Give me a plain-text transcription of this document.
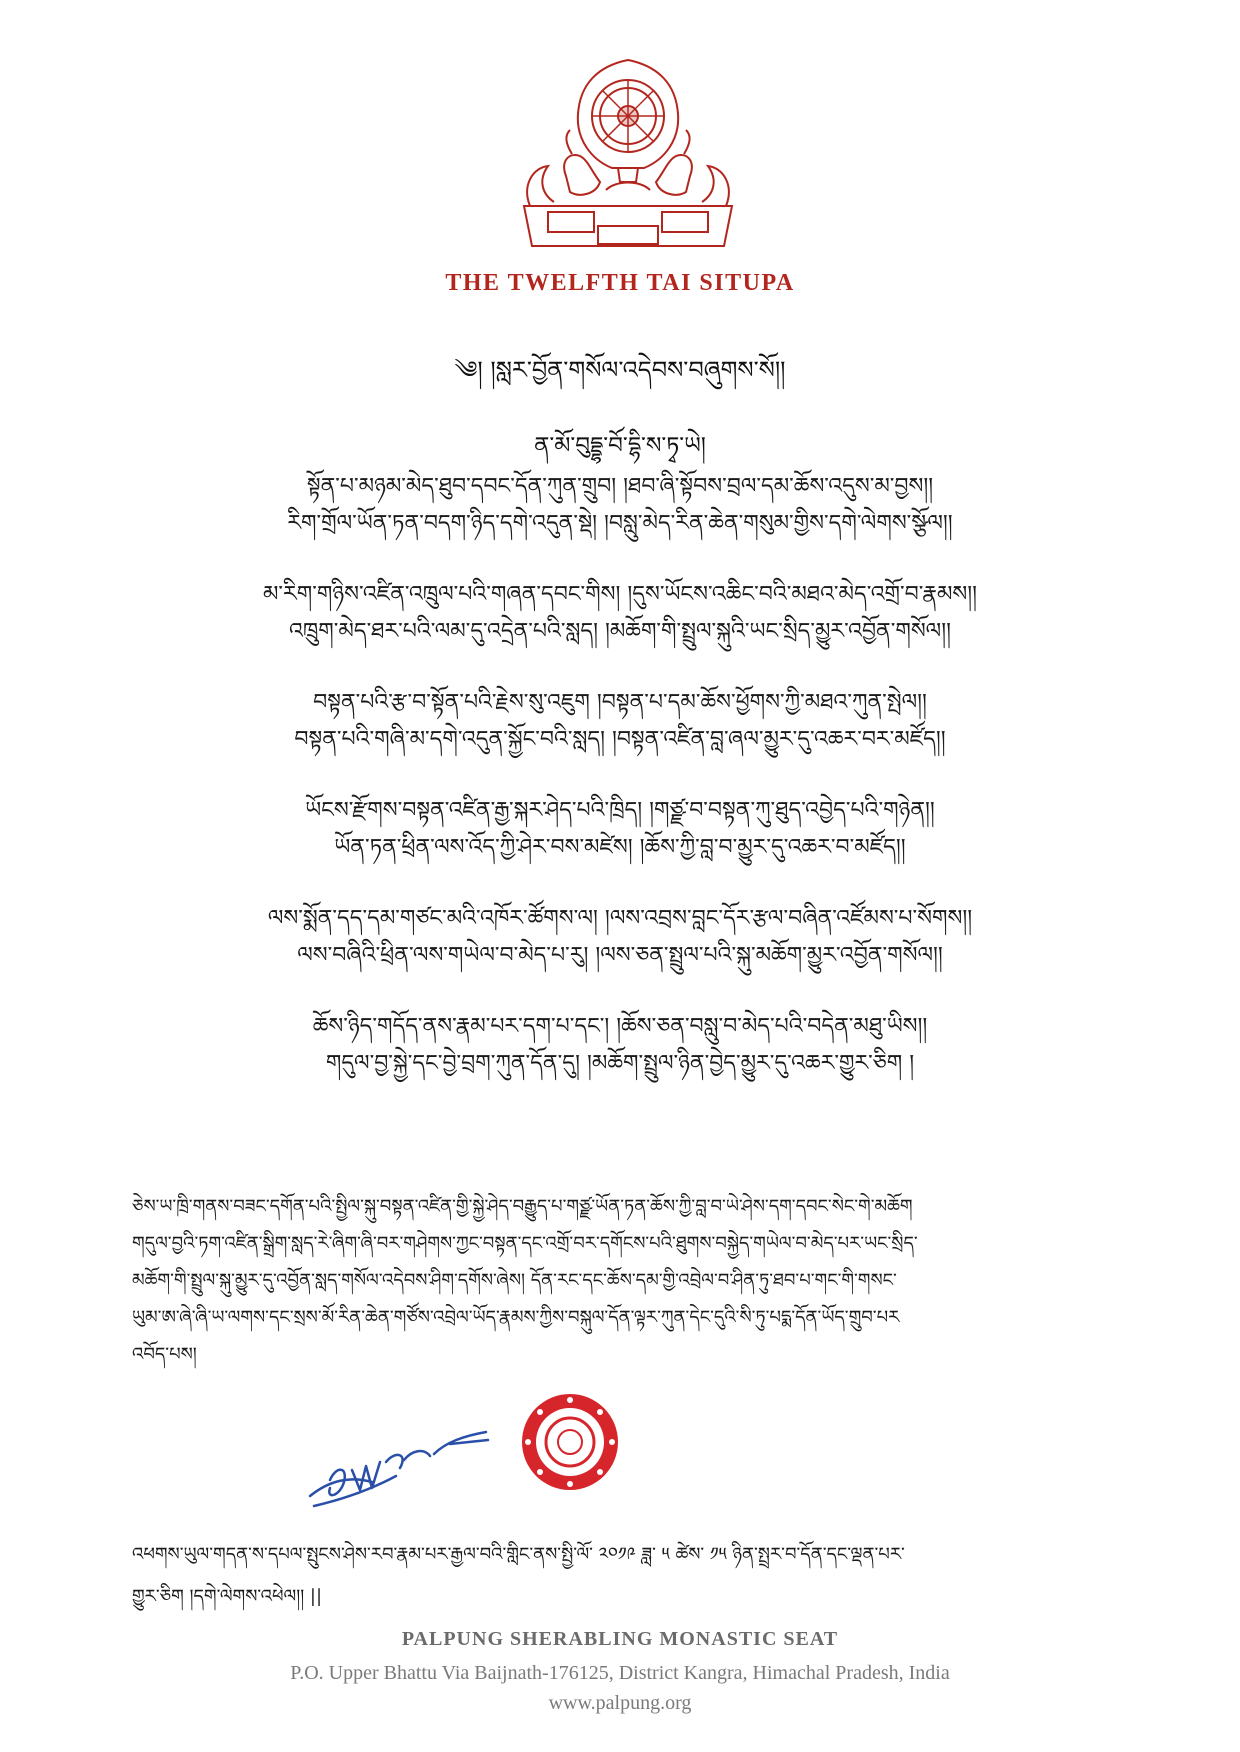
THE TWELFTH TAI SITUPA
༄། །སླར་བྱོན་གསོལ་འདེབས་བཞུགས་སོ།།
ན་མོ་བུདྡྷ་བོ་དྷི་ས་ཏྭ་ཡེ།
སྟོན་པ་མཉམ་མེད་ཐུབ་དབང་དོན་ཀུན་གྲུབ། །ཐབ་ཞི་སྟོབས་བྲལ་དམ་ཆོས་འདུས་མ་བྱས།།
རིག་གྲོལ་ཡོན་ཏན་བདག་ཉིད་དགེ་འདུན་སྡེ། །བསླུ་མེད་རིན་ཆེན་གསུམ་གྱིས་དགེ་ལེགས་སྩོལ།།
མ་རིག་གཉིས་འཛིན་འཁྲུལ་པའི་གཞན་དབང་གིས། །དུས་ཡོངས་འཆིང་བའི་མཐའ་མེད་འགྲོ་བ་རྣམས།།
འཁྲུག་མེད་ཐར་པའི་ལམ་དུ་འདྲེན་པའི་སླད། །མཆོག་གི་སྤྲུལ་སྐུའི་ཡང་སྲིད་མྱུར་འབྱོན་གསོལ།།
བསྟན་པའི་རྩ་བ་སྟོན་པའི་རྗེས་སུ་འཇུག །བསྟན་པ་དམ་ཆོས་ཕྱོགས་ཀྱི་མཐའ་ཀུན་སྤེལ།།
བསྟན་པའི་གཞི་མ་དགེ་འདུན་སྐྱོང་བའི་སླད། །བསྟན་འཛིན་བླ་ཞལ་མྱུར་དུ་འཆར་བར་མཛོད།།
ཡོངས་རྫོགས་བསྟན་འཛིན་རྒྱ་སྐར་ཤེད་པའི་ཁྲིད། །གཙྫ་བ་བསྟན་ཀུ་ཐུད་འབྱེད་པའི་གཉེན།།
ཡོན་ཏན་ཕྲིན་ལས་འོད་ཀྱི་ཤེར་བས་མཛེས། །ཆོས་ཀྱི་བླ་བ་མྱུར་དུ་འཆར་བ་མཛོད།།
ལས་སྨོན་དད་དམ་གཙང་མའི་འཁོར་ཚོགས་ལ། །ལས་འབྲས་བླང་དོར་རྩལ་བཞིན་འཛོམས་པ་སོགས།།
ལས་བཞིའི་ཕྲིན་ལས་གཡེལ་བ་མེད་པ་རུ། །ལས་ཅན་སྤྲུལ་པའི་སྐུ་མཆོག་མྱུར་འབྱོན་གསོལ།།
ཆོས་ཉིད་གདོད་ནས་རྣམ་པར་དག་པ་དང་། །ཆོས་ཅན་བསླུ་བ་མེད་པའི་བདེན་མཐུ་ཡིས།།
གདུལ་བྱ་སྐྱེ་དང་བྱེ་བྲག་ཀུན་དོན་དུ། །མཆོག་སྤྲུལ་ཉིན་བྱེད་མྱུར་དུ་འཆར་གྱུར་ཅིག །
ཅེས་ཡ་ཁྲི་གནས་བཟང་དགོན་པའི་སྤྱིལ་སྐུ་བསྟན་འཛིན་གྱི་སྐྱེ་ཤེད་བརྒྱུད་པ་གཙྫ་ཡོན་ཏན་ཆོས་ཀྱི་བླ་བ་ཡེ་ཤེས་དག་དབང་སེང་གེ་མཆོག
གདུལ་བྱའི་ཏག་འཛིན་སྒྲིག་སླད་རེ་ཞིག་ཞི་བར་གཤེགས་ཀྱང་བསྟན་དང་འགྲོ་བར་དགོངས་པའི་ཐུགས་བསྐྱེད་གཡེལ་བ་མེད་པར་ཡང་སྲིད་
མཆོག་གི་སྤྲུལ་སྐུ་མྱུར་དུ་འབྱོན་སླད་གསོལ་འདེབས་ཤིག་དགོས་ཞེས། དོན་རང་དང་ཆོས་དམ་གྱི་འབྲེལ་བ་ཤིན་ཏུ་ཐབ་པ་གང་གི་གསང་
ཡུམ་ཨ་ཞེ་ཞི་ཡ་ལགས་དང་སྲས་མོ་རིན་ཆེན་གཙོས་འབྲེལ་ཡོད་རྣམས་ཀྱིས་བསྐུལ་དོན་ལྟར་ཀུན་དེང་དུའི་སི་ཏུ་པདྨ་དོན་ཡོད་གྲུབ་པར
འབོད་པས།
འཕགས་ཡུལ་གདན་ས་དཔལ་སྤུངས་ཤེས་རབ་རྣམ་པར་རྒྱལ་བའི་གླིང་ནས་སྤྱི་ལོ་ ༢༠༡༩ ཟླ་ ༥ ཚེས་ ༡༥ ཉིན་སྤྲར་བ་དོན་དང་ལྡན་པར་
གྱུར་ཅིག །དགེ་ལེགས་འཕེལ།། ||
PALPUNG SHERABLING MONASTIC SEAT
P.O. Upper Bhattu Via Baijnath-176125, District Kangra, Himachal Pradesh, India
www.palpung.org
